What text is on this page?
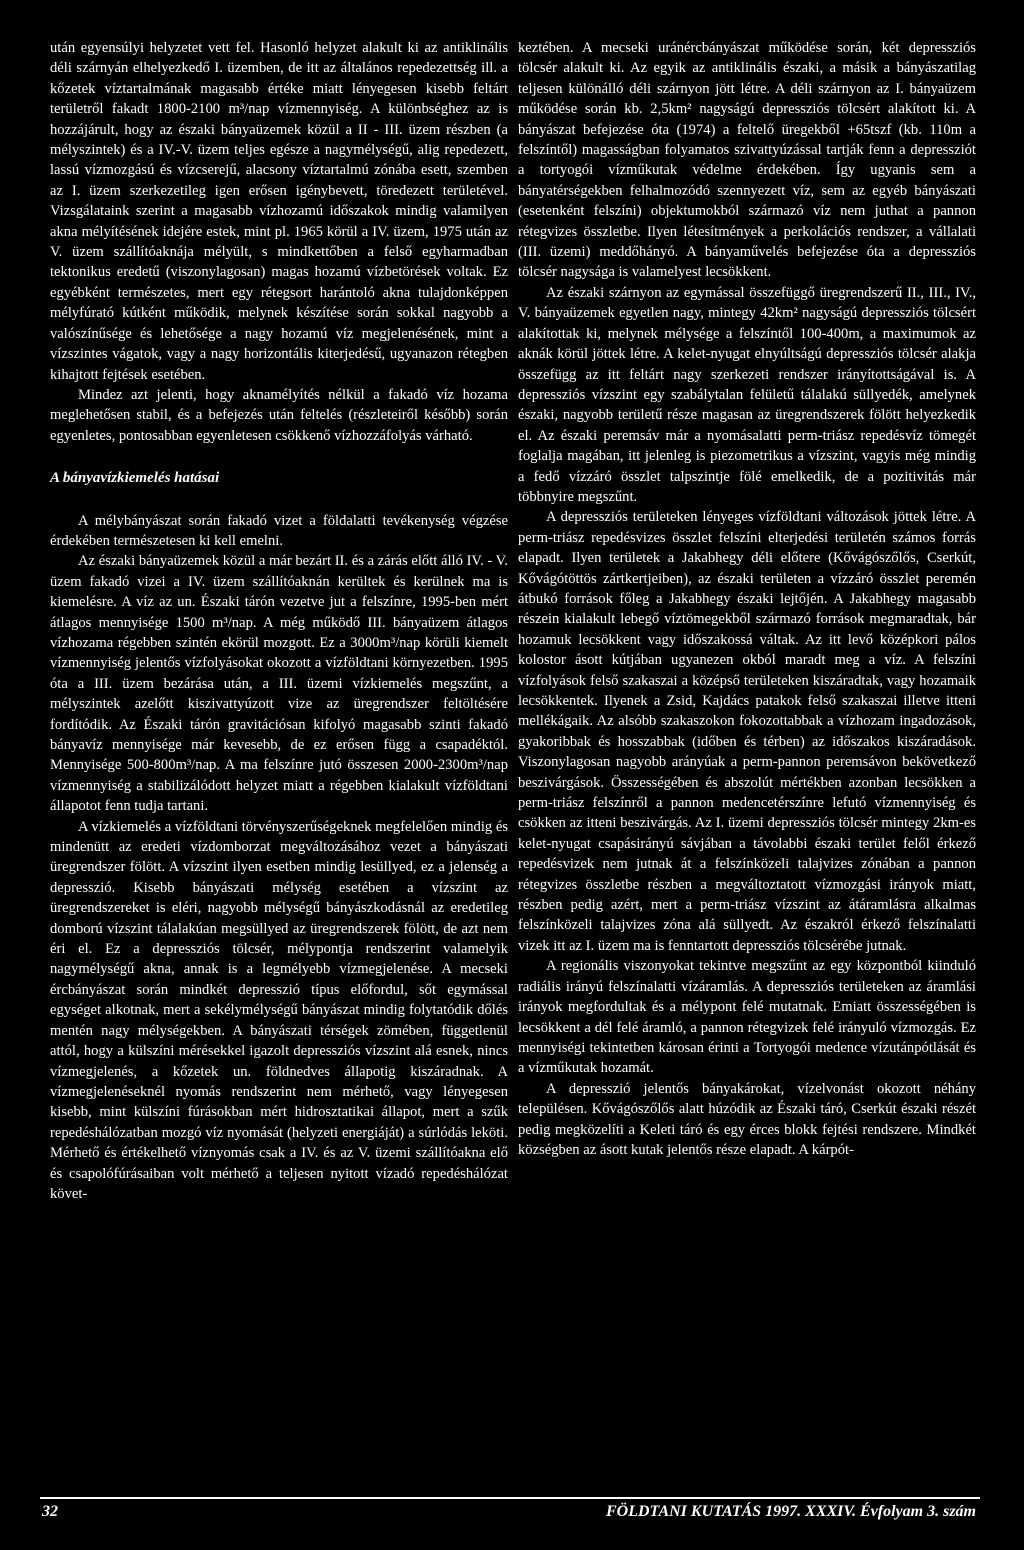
után egyensúlyi helyzetet vett fel. Hasonló helyzet alakult ki az antiklinális déli szárnyán elhelyezkedő I. üzemben, de itt az általános repedezettség ill. a kőzetek víztartalmának magasabb értéke miatt lényegesen kisebb feltárt területről fakadt 1800-2100 m³/nap vízmennyiség. A különbséghez az is hozzájárult, hogy az északi bányaüzemek közül a II - III. üzem részben (a mélyszintek) és a IV.-V. üzem teljes egésze a nagymélységű, alig repedezett, lassú vízmozgású és vízcserejű, alacsony víztartalmú zónába esett, szemben az I. üzem szerkezetileg igen erősen igénybevett, töredezett területével. Vizsgálataink szerint a magasabb vízhozamú időszakok mindig valamilyen akna mélyítésének idejére estek, mint pl. 1965 körül a IV. üzem, 1975 után az V. üzem szállítóaknája mélyült, s mindkettőben a felső egyharmadban tektonikus eredetű (viszonylagosan) magas hozamú vízbetörések voltak. Ez egyébként természetes, mert egy rétegsort harántoló akna tulajdonképpen mélyfúrató kútként működik, melynek készítése során sokkal nagyobb a valószínűsége és lehetősége a nagy hozamú víz megjelenésének, mint a vízszintes vágatok, vagy a nagy horizontális kiterjedésű, ugyanazon rétegben kihajtott fejtések esetében.

Mindez azt jelenti, hogy aknamélyítés nélkül a fakadó víz hozama meglehetősen stabil, és a befejezés után feltelés (részleteiről később) során egyenletes, pontosabban egyenletesen csökkenő vízhozzáfolyás várható.

A bányavízkiemelés hatásai

A mélybányászat során fakadó vizet a földalatti tevékenység végzése érdekében természetesen ki kell emelni.

Az északi bányaüzemek közül a már bezárt II. és a zárás előtt álló IV. - V. üzem fakadó vizei a IV. üzem szállítóaknán kerültek és kerülnek ma is kiemelésre. A víz az un. Északi tárón vezetve jut a felszínre, 1995-ben mért átlagos mennyisége 1500 m³/nap. A még működő III. bányaüzem átlagos vízhozama régebben szintén ekörül mozgott. Ez a 3000m³/nap körüli kiemelt vízmennyiség jelentős vízfolyásokat okozott a vízföldtani környezetben. 1995 óta a III. üzem bezárása után, a III. üzemi vízkiemelés megszűnt, a mélyszintek azelőtt kiszivattyúzott vize az üregrendszer feltöltésére fordítódik. Az Északi tárón gravitációsan kifolyó magasabb szinti fakadó bányavíz mennyisége már kevesebb, de ez erősen függ a csapadéktól. Mennyisége 500-800m³/nap. A ma felszínre jutó összesen 2000-2300m³/nap vízmennyiség a stabilizálódott helyzet miatt a régebben kialakult vízföldtani állapotot fenn tudja tartani.

A vízkiemelés a vízföldtani törvényszerűségeknek megfelelően mindig és mindenütt az eredeti vízdomborzat megváltozásához vezet a bányászati üregrendszer fölött. A vízszint ilyen esetben mindig lesüllyed, ez a jelenség a depresszió. Kisebb bányászati mélység esetében a vízszint az üregrendszereket is eléri, nagyobb mélységű bányászkodásnál az eredetileg domború vízszint tálalakúan megsüllyed az üregrendszerek fölött, de azt nem éri el. Ez a depressziós tölcsér, mélypontja rendszerint valamelyik nagymélységű akna, annak is a legmélyebb vízmegjelenése. A mecseki ércbányászat során mindkét depresszió típus előfordul, sőt egymással egységet alkotnak, mert a sekélymélységű bányászat mindig folytatódik dőlés mentén nagy mélységekben. A bányászati térségek zömében, függetlenül attól, hogy a külszíni mérésekkel igazolt depressziós vízszint alá esnek, nincs vízmegjelenés, a kőzetek un. földnedves állapotig kiszáradnak. A vízmegjelenéseknél nyomás rendszerint nem mérhető, vagy lényegesen kisebb, mint külszíni fúrásokban mért hidrosztatikai állapot, mert a szűk repedéshálózatban mozgó víz nyomását (helyzeti energiáját) a súrlódás leköti. Mérhető és értékelhető víznyomás csak a IV. és az V. üzemi szállítóakna elő és csapolófúrásaiban volt mérhető a teljesen nyitott vízadó repedéshálózat követ-

keztében. A mecseki uránércbányászat működése során, két depressziós tölcsér alakult ki. Az egyik az antiklinális északi, a másik a bányászatilag teljesen különálló déli szárnyon jött létre. A déli szárnyon az I. bányaüzem működése során kb. 2,5km² nagyságú depressziós tölcsért alakított ki. A bányászat befejezése óta (1974) a feltelő üregekből +65tszf (kb. 110m a felszíntől) magasságban folyamatos szivattyúzással tartják fenn a depressziót a tortyogói vízműkutak védelme érdekében. Így ugyanis sem a bányatérségekben felhalmozódó szennyezett víz, sem az egyéb bányászati (esetenként felszíni) objektumokból származó víz nem juthat a pannon rétegvizes összletbe. Ilyen létesítmények a perkolációs rendszer, a vállalati (III. üzemi) meddőhányó. A bányaművelés befejezése óta a depressziós tölcsér nagysága is valamelyest lecsökkent.

Az északi szárnyon az egymással összefüggő üregrendszerű II., III., IV., V. bányaüzemek egyetlen nagy, mintegy 42km² nagyságú depressziós tölcsért alakítottak ki, melynek mélysége a felszíntől 100-400m, a maximumok az aknák körül jöttek létre. A kelet-nyugat elnyúltságú depressziós tölcsér alakja összefügg az itt feltárt nagy szerkezeti rendszer irányítottságával is. A depressziós vízszint egy szabálytalan felületű tálalakú süllyedék, amelynek északi, nagyobb területű része magasan az üregrendszerek fölött helyezkedik el. Az északi peremsáv már a nyomásalatti perm-triász repedésvíz tömegét foglalja magában, itt jelenleg is piezometrikus a vízszint, vagyis még mindig a fedő vízzáró összlet talpszintje fölé emelkedik, de a pozitivitás már többnyire megszűnt.

A depressziós területeken lényeges vízföldtani változások jöttek létre. A perm-triász repedésvizes összlet felszíni elterjedési területén számos forrás elapadt. Ilyen területek a Jakabhegy déli előtere (Kővágószőlős, Cserkút, Kővágótöttös zártkertjeiben), az északi területen a vízzáró összlet peremén átbukó források főleg a Jakabhegy északi lejtőjén. A Jakabhegy magasabb részein kialakult lebegő víztömegekből származó források megmaradtak, bár hozamuk lecsökkent vagy időszakossá váltak. Az itt levő középkori pálos kolostor ásott kútjában ugyanezen okból maradt meg a víz. A felszíni vízfolyások felső szakaszai a középső területeken kiszáradtak, vagy hozamaik lecsökkentek. Ilyenek a Zsid, Kajdács patakok felső szakaszai illetve itteni mellékágaik. Az alsóbb szakaszokon fokozottabbak a vízhozam ingadozások, gyakoribbak és hosszabbak (időben és térben) az időszakos kiszáradások. Viszonylagosan nagyobb arányúak a perm-pannon peremsávon bekövetkező beszivárgások. Összességében és abszolút mértékben azonban lecsökken a perm-triász felszínről a pannon medencetérszínre lefutó vízmennyiség és csökken az itteni beszivárgás. Az I. üzemi depressziós tölcsér mintegy 2km-es kelet-nyugat csapásirányú sávjában a távolabbi északi terület felől érkező repedésvizek nem jutnak át a felszínközeli talajvizes zónában a pannon rétegvizes összletbe részben a megváltoztatott vízmozgási irányok miatt, részben pedig azért, mert a perm-triász vízszint az átáramlásra alkalmas felszínközeli talajvizes zóna alá süllyedt. Az északról érkező felszínalatti vizek itt az I. üzem ma is fenntartott depressziós tölcsérébe jutnak.

A regionális viszonyokat tekintve megszűnt az egy központból kiinduló radiális irányú felszínalatti vízáramlás. A depressziós területeken az áramlási irányok megfordultak és a mélypont felé mutatnak. Emiatt összességében is lecsökkent a dél felé áramló, a pannon rétegvizek felé irányuló vízmozgás. Ez mennyiségi tekintetben károsan érinti a Tortyogói medence vízutánpótlását és a vízműkutak hozamát.

A depresszió jelentős bányakárokat, vízelvonást okozott néhány településen. Kővágószőlős alatt húzódik az Északi táró, Cserkút északi részét pedig megközelíti a Keleti táró és egy érces blokk fejtési rendszere. Mindkét községben az ásott kutak jelentős része elapadt. A kárpót-

32	FÖLDTANI KUTATÁS 1997. XXXIV. Évfolyam 3. szám
